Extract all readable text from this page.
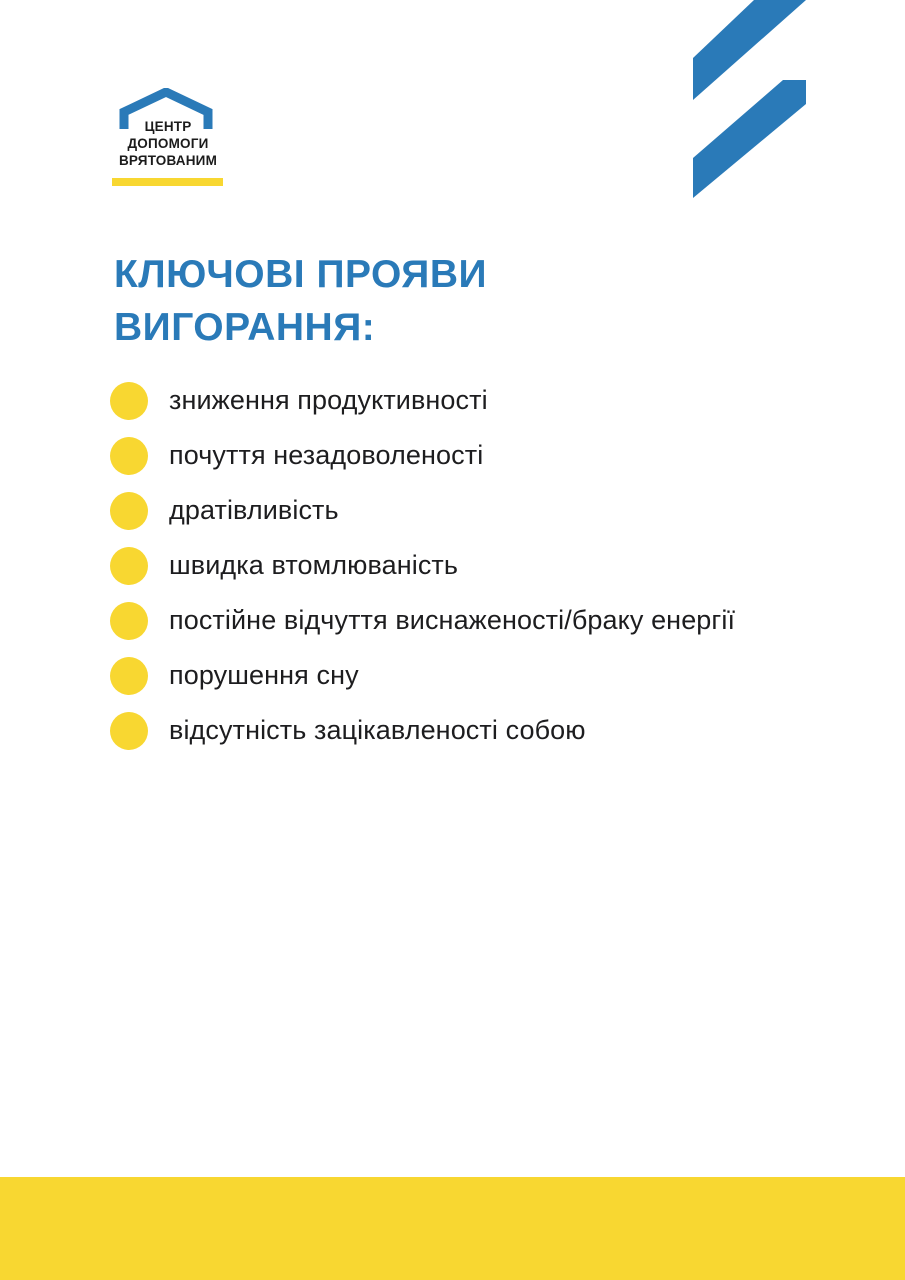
ЦЕНТР
ДОПОМОГИ
ВРЯТОВАНИМ
КЛЮЧОВІ ПРОЯВИ
ВИГОРАННЯ:
зниження продуктивності
почуття незадоволеності
дратівливість
швидка втомлюваність
постійне відчуття виснаженості/браку енергії
порушення сну
відсутність зацікавленості собою
